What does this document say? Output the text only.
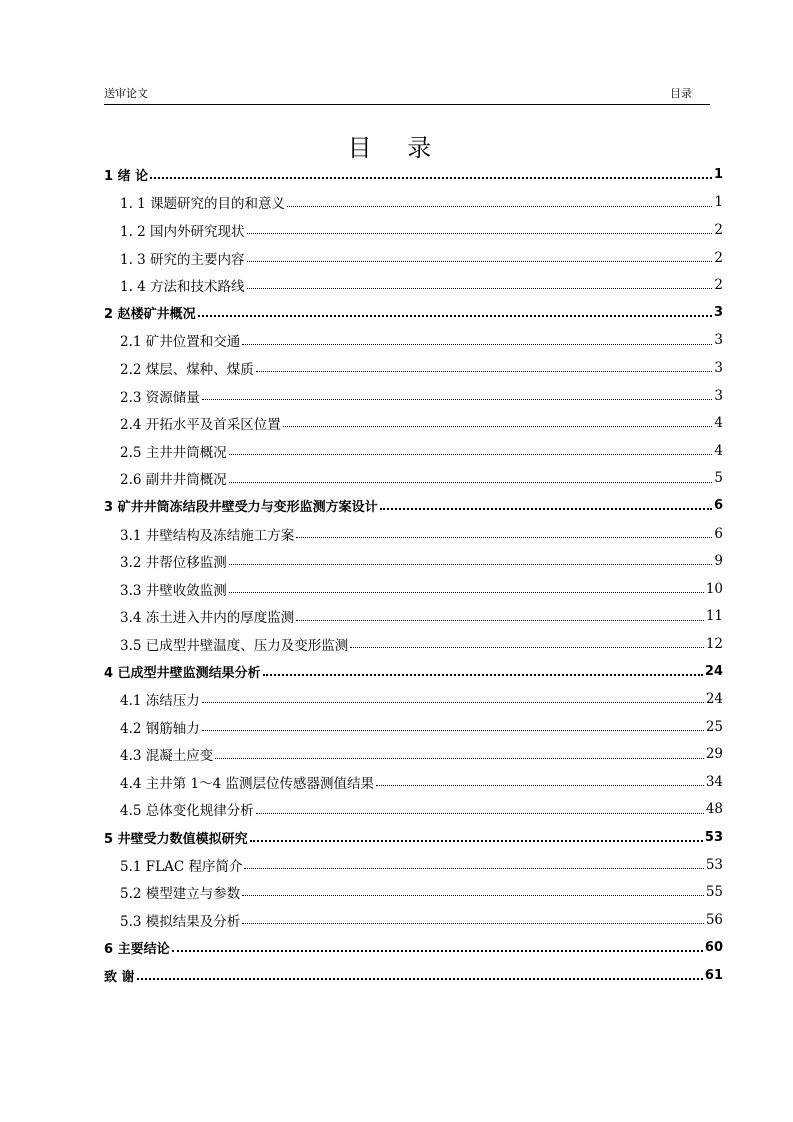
送审论文	目录
目 录
1 绪 论	1
1. 1 课题研究的目的和意义	1
1. 2 国内外研究现状	2
1. 3 研究的主要内容	2
1. 4 方法和技术路线	2
2 赵楼矿井概况	3
2.1 矿井位置和交通	3
2.2 煤层、煤种、煤质	3
2.3 资源储量	3
2.4 开拓水平及首采区位置	4
2.5 主井井筒概况	4
2.6 副井井筒概况	5
3 矿井井筒冻结段井壁受力与变形监测方案设计	6
3.1 井壁结构及冻结施工方案	6
3.2 井帮位移监测	9
3.3 井壁收敛监测	10
3.4 冻土进入井内的厚度监测	11
3.5 已成型井壁温度、压力及变形监测	12
4 已成型井壁监测结果分析	24
4.1 冻结压力	24
4.2 钢筋轴力	25
4.3 混凝土应变	29
4.4 主井第 1～4 监测层位传感器测值结果	34
4.5 总体变化规律分析	48
5 井壁受力数值模拟研究	53
5.1 FLAC 程序简介	53
5.2 模型建立与参数	55
5.3 模拟结果及分析	56
6 主要结论	60
致 谢	61
